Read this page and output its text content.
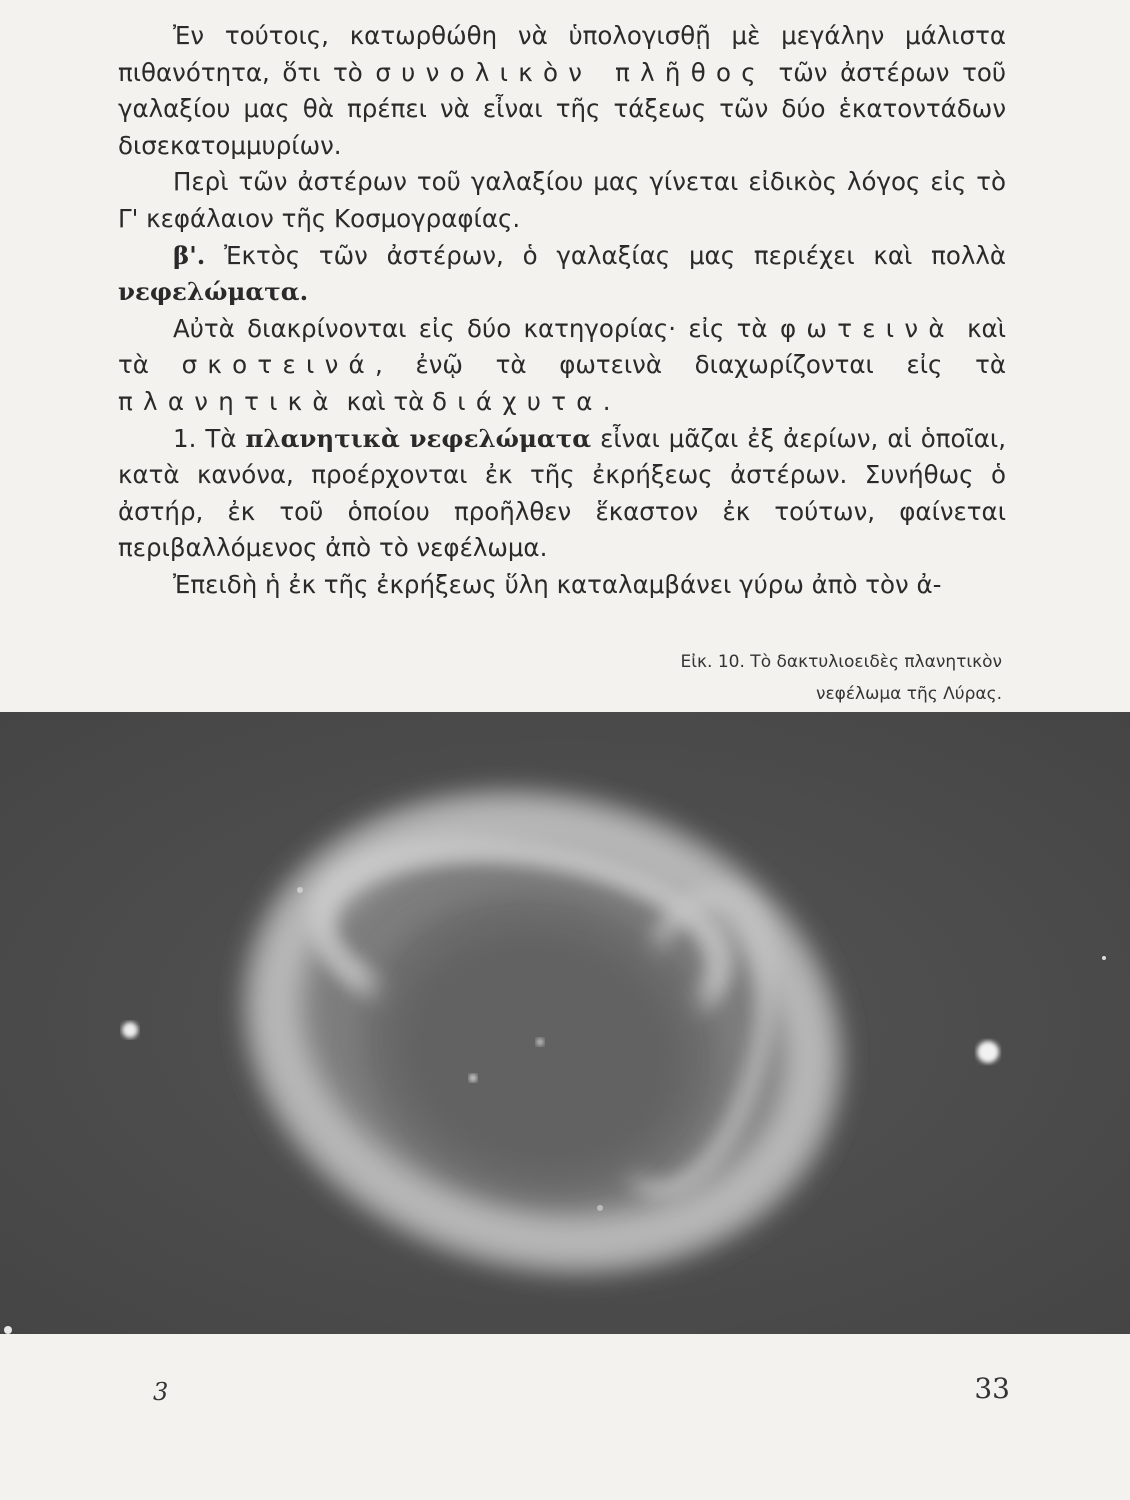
Ἐν τούτοις, κατωρθώθη νὰ ὑπολογισθῇ μὲ μεγάλην μάλιστα πιθανότητα, ὅτι τὸ συνολικὸν πλῆθος τῶν ἀστέρων τοῦ γαλαξίου μας θὰ πρέπει νὰ εἶναι τῆς τάξεως τῶν δύο ἑκατοντάδων δισεκατομμυρίων.

Περὶ τῶν ἀστέρων τοῦ γαλαξίου μας γίνεται εἰδικὸς λόγος εἰς τὸ Γ' κεφάλαιον τῆς Κοσμογραφίας.

β'. Ἐκτὸς τῶν ἀστέρων, ὁ γαλαξίας μας περιέχει καὶ πολλὰ νεφελώματα.

Αὐτὰ διακρίνονται εἰς δύο κατηγορίας· εἰς τὰ φωτεινὰ καὶ τὰ σκοτεινά, ἐνῷ τὰ φωτεινὰ διαχωρίζονται εἰς τὰ πλανητικὰ καὶ τὰ διάχυτα.

1. Τὰ πλανητικὰ νεφελώματα εἶναι μᾶζαι ἐξ ἀερίων, αἱ ὁποῖαι, κατὰ κανόνα, προέρχονται ἐκ τῆς ἐκρήξεως ἀστέρων. Συνήθως ὁ ἀστήρ, ἐκ τοῦ ὁποίου προῆλθεν ἕκαστον ἐκ τούτων, φαίνεται περιβαλλόμενος ἀπὸ τὸ νεφέλωμα.

Ἐπειδὴ ἡ ἐκ τῆς ἐκρήξεως ὕλη καταλαμβάνει γύρω ἀπὸ τὸν ἀ-

Εἰκ. 10. Τὸ δακτυλιοειδὲς πλανητικὸν
νεφέλωμα τῆς Λύρας.
3	33
